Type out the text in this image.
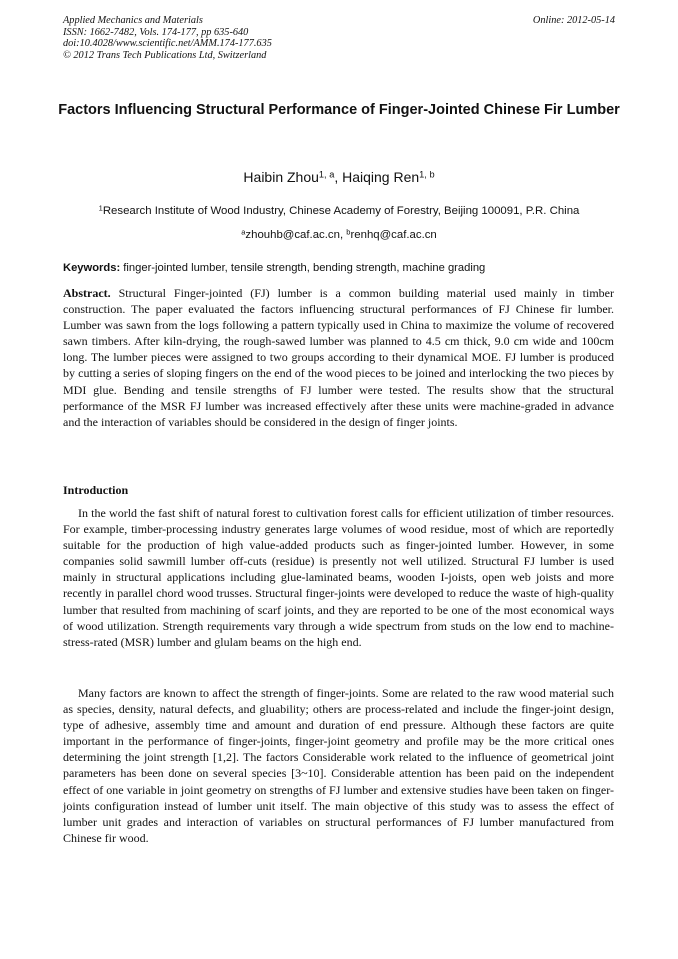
Applied Mechanics and Materials
ISSN: 1662-7482, Vols. 174-177, pp 635-640
doi:10.4028/www.scientific.net/AMM.174-177.635
© 2012 Trans Tech Publications Ltd, Switzerland
Online: 2012-05-14
Factors Influencing Structural Performance of Finger-Jointed Chinese Fir Lumber
Haibin Zhou$^{1, a}$, Haiqing Ren$^{1, b}$
$^1$Research Institute of Wood Industry, Chinese Academy of Forestry, Beijing 100091, P.R. China
$^a$zhouhb@caf.ac.cn, $^b$renhq@caf.ac.cn
Keywords: finger-jointed lumber, tensile strength, bending strength, machine grading
Abstract. Structural Finger-jointed (FJ) lumber is a common building material used mainly in timber construction. The paper evaluated the factors influencing structural performances of FJ Chinese fir lumber. Lumber was sawn from the logs following a pattern typically used in China to maximize the volume of recovered sawn timbers. After kiln-drying, the rough-sawed lumber was planned to 4.5 cm thick, 9.0 cm wide and 100cm long. The lumber pieces were assigned to two groups according to their dynamical MOE. FJ lumber is produced by cutting a series of sloping fingers on the end of the wood pieces to be joined and interlocking the two pieces by MDI glue. Bending and tensile strengths of FJ lumber were tested. The results show that the structural performance of the MSR FJ lumber was increased effectively after these units were machine-graded in advance and the interaction of variables should be considered in the design of finger joints.
Introduction
In the world the fast shift of natural forest to cultivation forest calls for efficient utilization of timber resources. For example, timber-processing industry generates large volumes of wood residue, most of which are reportedly suitable for the production of high value-added products such as finger-jointed lumber. However, in some companies solid sawmill lumber off-cuts (residue) is presently not well utilized. Structural FJ lumber is used mainly in structural applications including glue-laminated beams, wooden I-joists, open web joists and more recently in parallel chord wood trusses. Structural finger-joints were developed to reduce the waste of high-quality lumber that resulted from machining of scarf joints, and they are reported to be one of the most economical ways of wood utilization. Strength requirements vary through a wide spectrum from studs on the low end to machine-stress-rated (MSR) lumber and glulam beams on the high end.
Many factors are known to affect the strength of finger-joints. Some are related to the raw wood material such as species, density, natural defects, and gluability; others are process-related and include the finger-joint design, type of adhesive, assembly time and amount and duration of end pressure. Although these factors are quite important in the performance of finger-joints, finger-joint geometry and profile may be the more critical ones determining the joint strength [1,2]. The factors Considerable work related to the influence of geometrical joint parameters has been done on several species [3~10]. Considerable attention has been paid on the independent effect of one variable in joint geometry on strengths of FJ lumber and extensive studies have been taken on finger-joints configuration instead of lumber unit itself. The main objective of this study was to assess the effect of lumber unit grades and interaction of variables on structural performances of FJ lumber manufactured from Chinese fir wood.
